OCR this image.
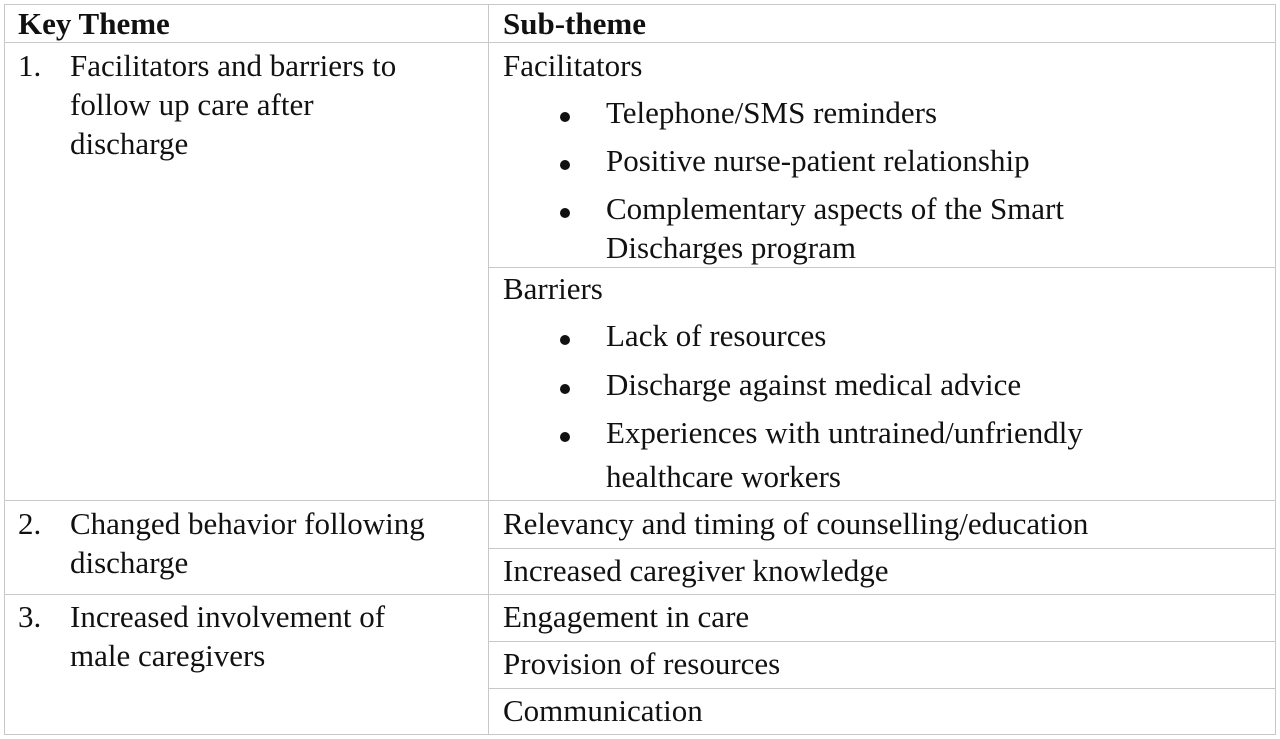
Key Theme	Sub-theme
1. Facilitators and barriers to
follow up care after
discharge
Facilitators
Telephone/SMS reminders
Positive nurse-patient relationship
Complementary aspects of the Smart
Discharges program
Barriers
Lack of resources
Discharge against medical advice
Experiences with untrained/unfriendly
healthcare workers
2. Changed behavior following
discharge
Relevancy and timing of counselling/education
Increased caregiver knowledge
3. Increased involvement of
male caregivers
Engagement in care
Provision of resources
Communication
